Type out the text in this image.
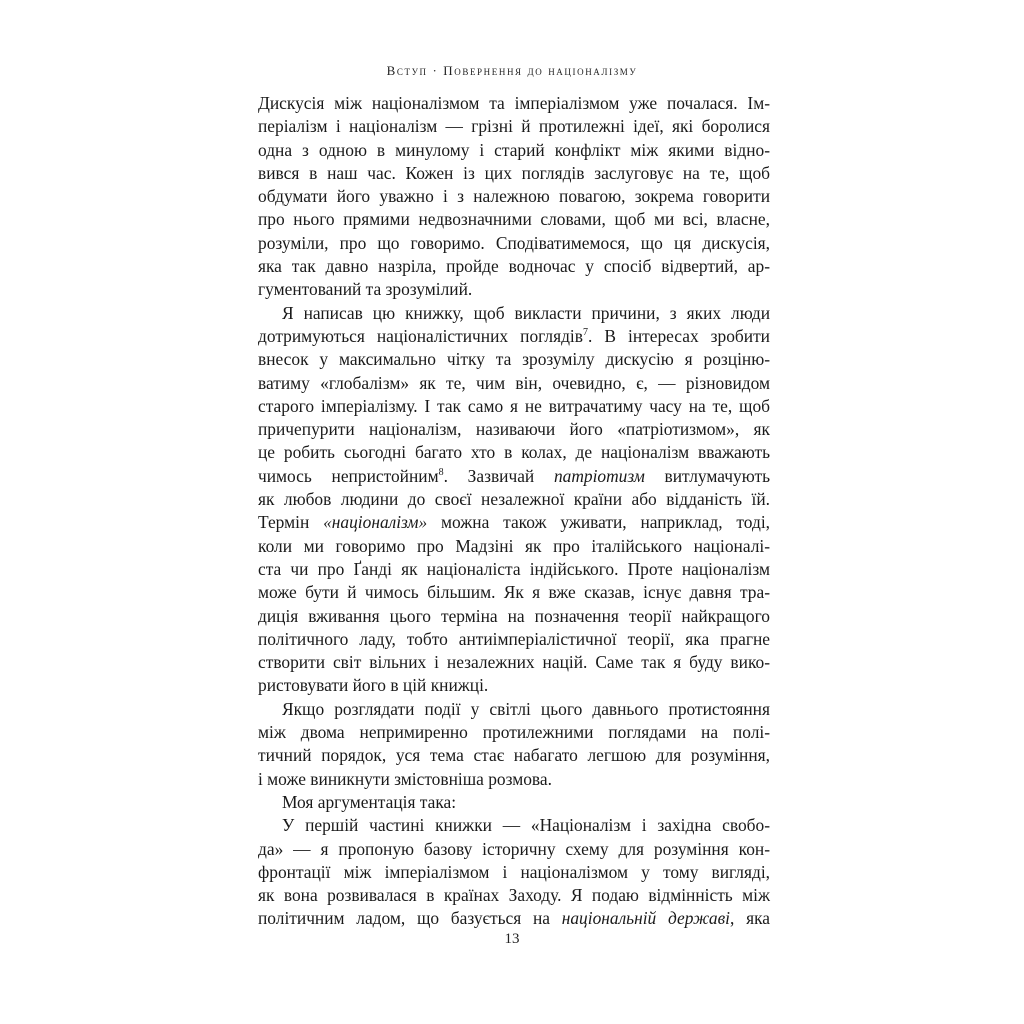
Вступ · Повернення до націоналізму

Дискусія між націоналізмом та імперіалізмом уже почалася. Ім-
періалізм і націоналізм — грізні й протилежні ідеї, які боролися
одна з одною в минулому і старий конфлікт між якими відно-
вився в наш час. Кожен із цих поглядів заслуговує на те, щоб
обдумати його уважно і з належною повагою, зокрема говорити
про нього прямими недвозначними словами, щоб ми всі, власне,
розуміли, про що говоримо. Сподіватимемося, що ця дискусія,
яка так давно назріла, пройде водночас у спосіб відвертий, ар-
гументований та зрозумілий.

Я написав цю книжку, щоб викласти причини, з яких люди
дотримуються націоналістичних поглядів$^7$. В інтересах зробити
внесок у максимально чітку та зрозумілу дискусію я розціню-
ватиму «глобалізм» як те, чим він, очевидно, є, — різновидом
старого імперіалізму. І так само я не витрачатиму часу на те, щоб
причепурити націоналізм, називаючи його «патріотизмом», як
це робить сьогодні багато хто в колах, де націоналізм вважають
чимось непристойним$^8$. Зазвичай патріотизм витлумачують
як любов людини до своєї незалежної країни або відданість їй.
Термін «націоналізм» можна також уживати, наприклад, тоді,
коли ми говоримо про Мадзіні як про італійського націоналі-
ста чи про Ґанді як націоналіста індійського. Проте націоналізм
може бути й чимось більшим. Як я вже сказав, існує давня тра-
диція вживання цього терміна на позначення теорії найкращого
політичного ладу, тобто антиімперіалістичної теорії, яка прагне
створити світ вільних і незалежних націй. Саме так я буду вико-
ристовувати його в цій книжці.

Якщо розглядати події у світлі цього давнього протистояння
між двома непримиренно протилежними поглядами на полі-
тичний порядок, уся тема стає набагато легшою для розуміння,
і може виникнути змістовніша розмова.

Моя аргументація така:

У першій частині книжки — «Націоналізм і західна свобо-
да» — я пропоную базову історичну схему для розуміння кон-
фронтації між імперіалізмом і націоналізмом у тому вигляді,
як вона розвивалася в країнах Заходу. Я подаю відмінність між
політичним ладом, що базується на національній державі, яка

13
